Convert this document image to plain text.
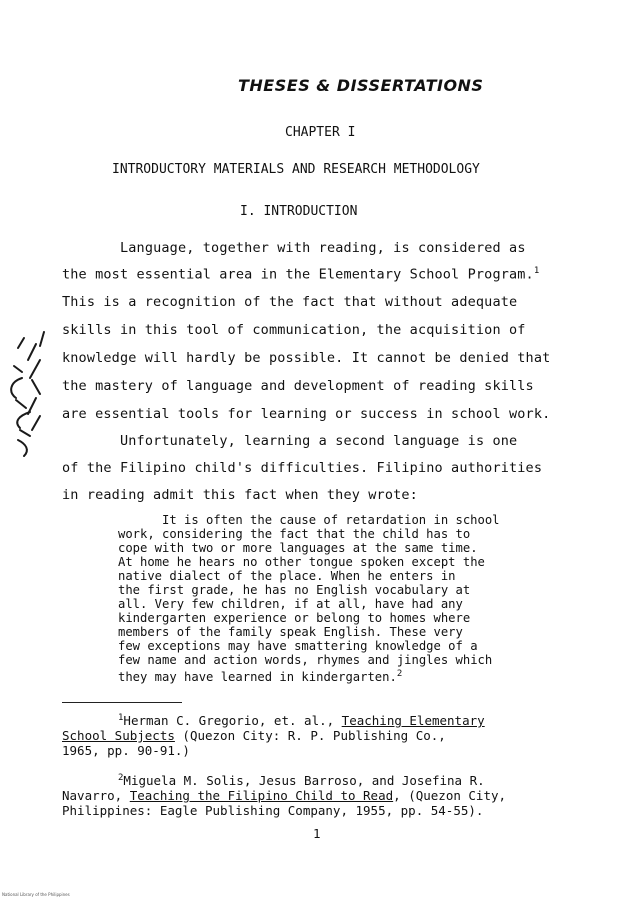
THESES & DISSERTATIONS
CHAPTER I
INTRODUCTORY MATERIALS AND RESEARCH METHODOLOGY
I. INTRODUCTION
Language, together with reading, is considered as
the most essential area in the Elementary School Program.$^1$
This is a recognition of the fact that without adequate
skills in this tool of communication, the acquisition of
knowledge will hardly be possible. It cannot be denied that
the mastery of language and development of reading skills
are essential tools for learning or success in school work.
Unfortunately, learning a second language is one
of the Filipino child's difficulties. Filipino authorities
in reading admit this fact when they wrote:
It is often the cause of retardation in school
work, considering the fact that the child has to
cope with two or more languages at the same time.
At home he hears no other tongue spoken except the
native dialect of the place. When he enters in
the first grade, he has no English vocabulary at
all. Very few children, if at all, have had any
kindergarten experience or belong to homes where
members of the family speak English. These very
few exceptions may have smattering knowledge of a
few name and action words, rhymes and jingles which
they may have learned in kindergarten.$^2$
$^1$Herman C. Gregorio, et. al., Teaching Elementary
School Subjects (Quezon City: R. P. Publishing Co.,
1965, pp. 90-91.)
$^2$Miguela M. Solis, Jesus Barroso, and Josefina R.
Navarro, Teaching the Filipino Child to Read, (Quezon City,
Philippines: Eagle Publishing Company, 1955, pp. 54-55).
1
National Library of the Philippines
